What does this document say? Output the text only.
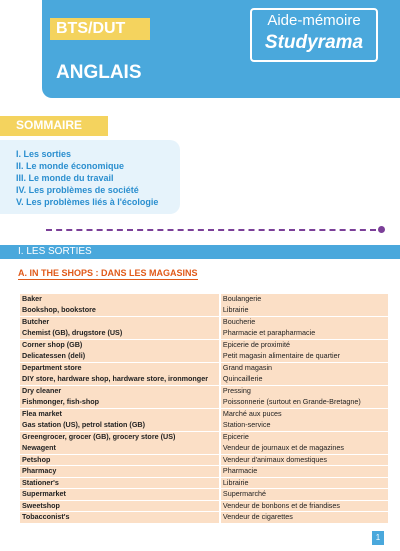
BTS/DUT	Aide-mémoire
Studyrama
ANGLAIS
SOMMAIRE
I. Les sorties
II. Le monde économique
III. Le monde du travail
IV. Les problèmes de société
V. Les problèmes liés à l'écologie
I. LES SORTIES
A. IN THE SHOPS : DANS LES MAGASINS
Baker	Boulangerie
Bookshop, bookstore	Librairie
Butcher	Boucherie
Chemist (GB), drugstore (US)	Pharmacie et parapharmacie
Corner shop (GB)	Epicerie de proximité
Delicatessen (deli)	Petit magasin alimentaire de quartier
Department store	Grand magasin
DIY store, hardware shop, hardware store, ironmonger	Quincaillerie
Dry cleaner	Pressing
Fishmonger, fish-shop	Poissonnerie (surtout en Grande-Bretagne)
Flea market	Marché aux puces
Gas station (US), petrol station (GB)	Station-service
Greengrocer, grocer (GB), grocery store (US)	Epicerie
Newagent	Vendeur de journaux et de magazines
Petshop	Vendeur d'animaux domestiques
Pharmacy	Pharmacie
Stationer's	Librairie
Supermarket	Supermarché
Sweetshop	Vendeur de bonbons et de friandises
Tobacconist's	Vendeur de cigarettes
1
